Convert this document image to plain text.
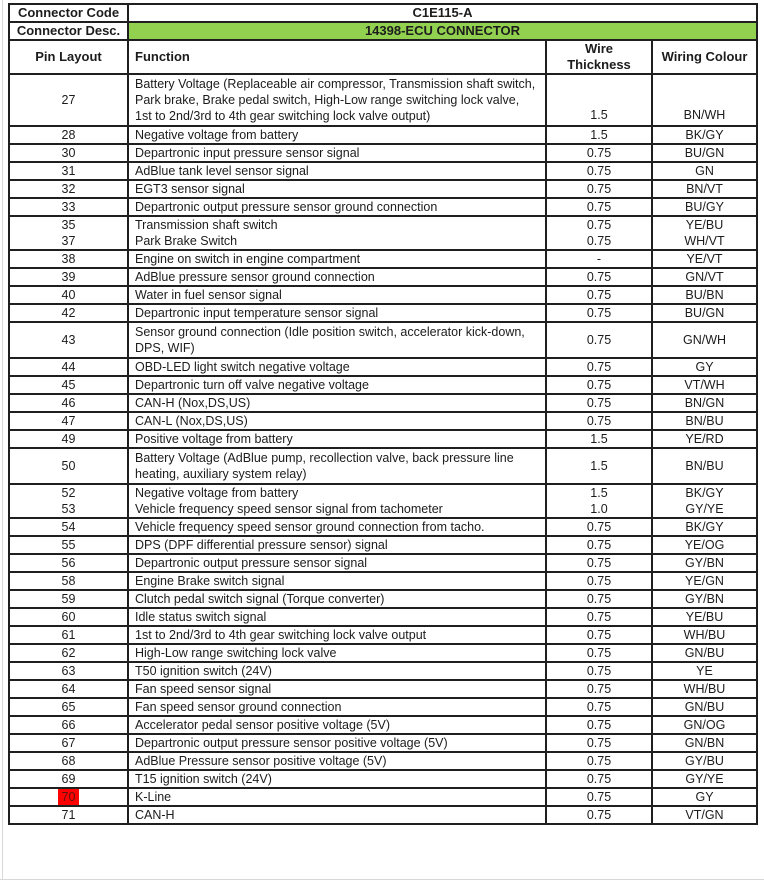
Connector Code	C1E115-A		
Connector Desc.	14398-ECU CONNECTOR		
Pin Layout	Function	Wire Thickness	Wiring Colour
27	Battery Voltage (Replaceable air compressor, Transmission shaft switch, Park brake, Brake pedal switch, High-Low range switching lock valve, 1st to 2nd/3rd to 4th gear switching lock valve output)	1.5	BN/WH
28	Negative voltage from battery	1.5	BK/GY
30	Departronic input pressure sensor signal	0.75	BU/GN
31	AdBlue tank level sensor signal	0.75	GN
32	EGT3 sensor signal	0.75	BN/VT
33	Departronic output pressure sensor ground connection	0.75	BU/GY
35	Transmission shaft switch	0.75	YE/BU
37	Park Brake Switch	0.75	WH/VT
38	Engine on switch in engine compartment	-	YE/VT
39	AdBlue pressure sensor ground connection	0.75	GN/VT
40	Water in fuel sensor signal	0.75	BU/BN
42	Departronic input temperature sensor signal	0.75	BU/GN
43	Sensor ground connection (Idle position switch, accelerator kick-down, DPS, WIF)	0.75	GN/WH
44	OBD-LED light switch negative voltage	0.75	GY
45	Departronic turn off valve negative voltage	0.75	VT/WH
46	CAN-H (Nox,DS,US)	0.75	BN/GN
47	CAN-L (Nox,DS,US)	0.75	BN/BU
49	Positive voltage from battery	1.5	YE/RD
50	Battery Voltage (AdBlue pump, recollection valve, back pressure line heating, auxiliary system relay)	1.5	BN/BU
52	Negative voltage from battery	1.5	BK/GY
53	Vehicle frequency speed sensor signal from tachometer	1.0	GY/YE
54	Vehicle frequency speed sensor ground connection from tacho.	0.75	BK/GY
55	DPS (DPF differential pressure sensor) signal	0.75	YE/OG
56	Departronic output pressure sensor signal	0.75	GY/BN
58	Engine Brake switch signal	0.75	YE/GN
59	Clutch pedal switch signal (Torque converter)	0.75	GY/BN
60	Idle status switch signal	0.75	YE/BU
61	1st to 2nd/3rd to 4th gear switching lock valve output	0.75	WH/BU
62	High-Low range switching lock valve	0.75	GN/BU
63	T50 ignition switch (24V)	0.75	YE
64	Fan speed sensor signal	0.75	WH/BU
65	Fan speed sensor ground connection	0.75	GN/BU
66	Accelerator pedal sensor positive voltage (5V)	0.75	GN/OG
67	Departronic output pressure sensor positive voltage (5V)	0.75	GN/BN
68	AdBlue Pressure sensor positive voltage (5V)	0.75	GY/BU
69	T15 ignition switch (24V)	0.75	GY/YE
70	K-Line	0.75	GY
71	CAN-H	0.75	VT/GN
